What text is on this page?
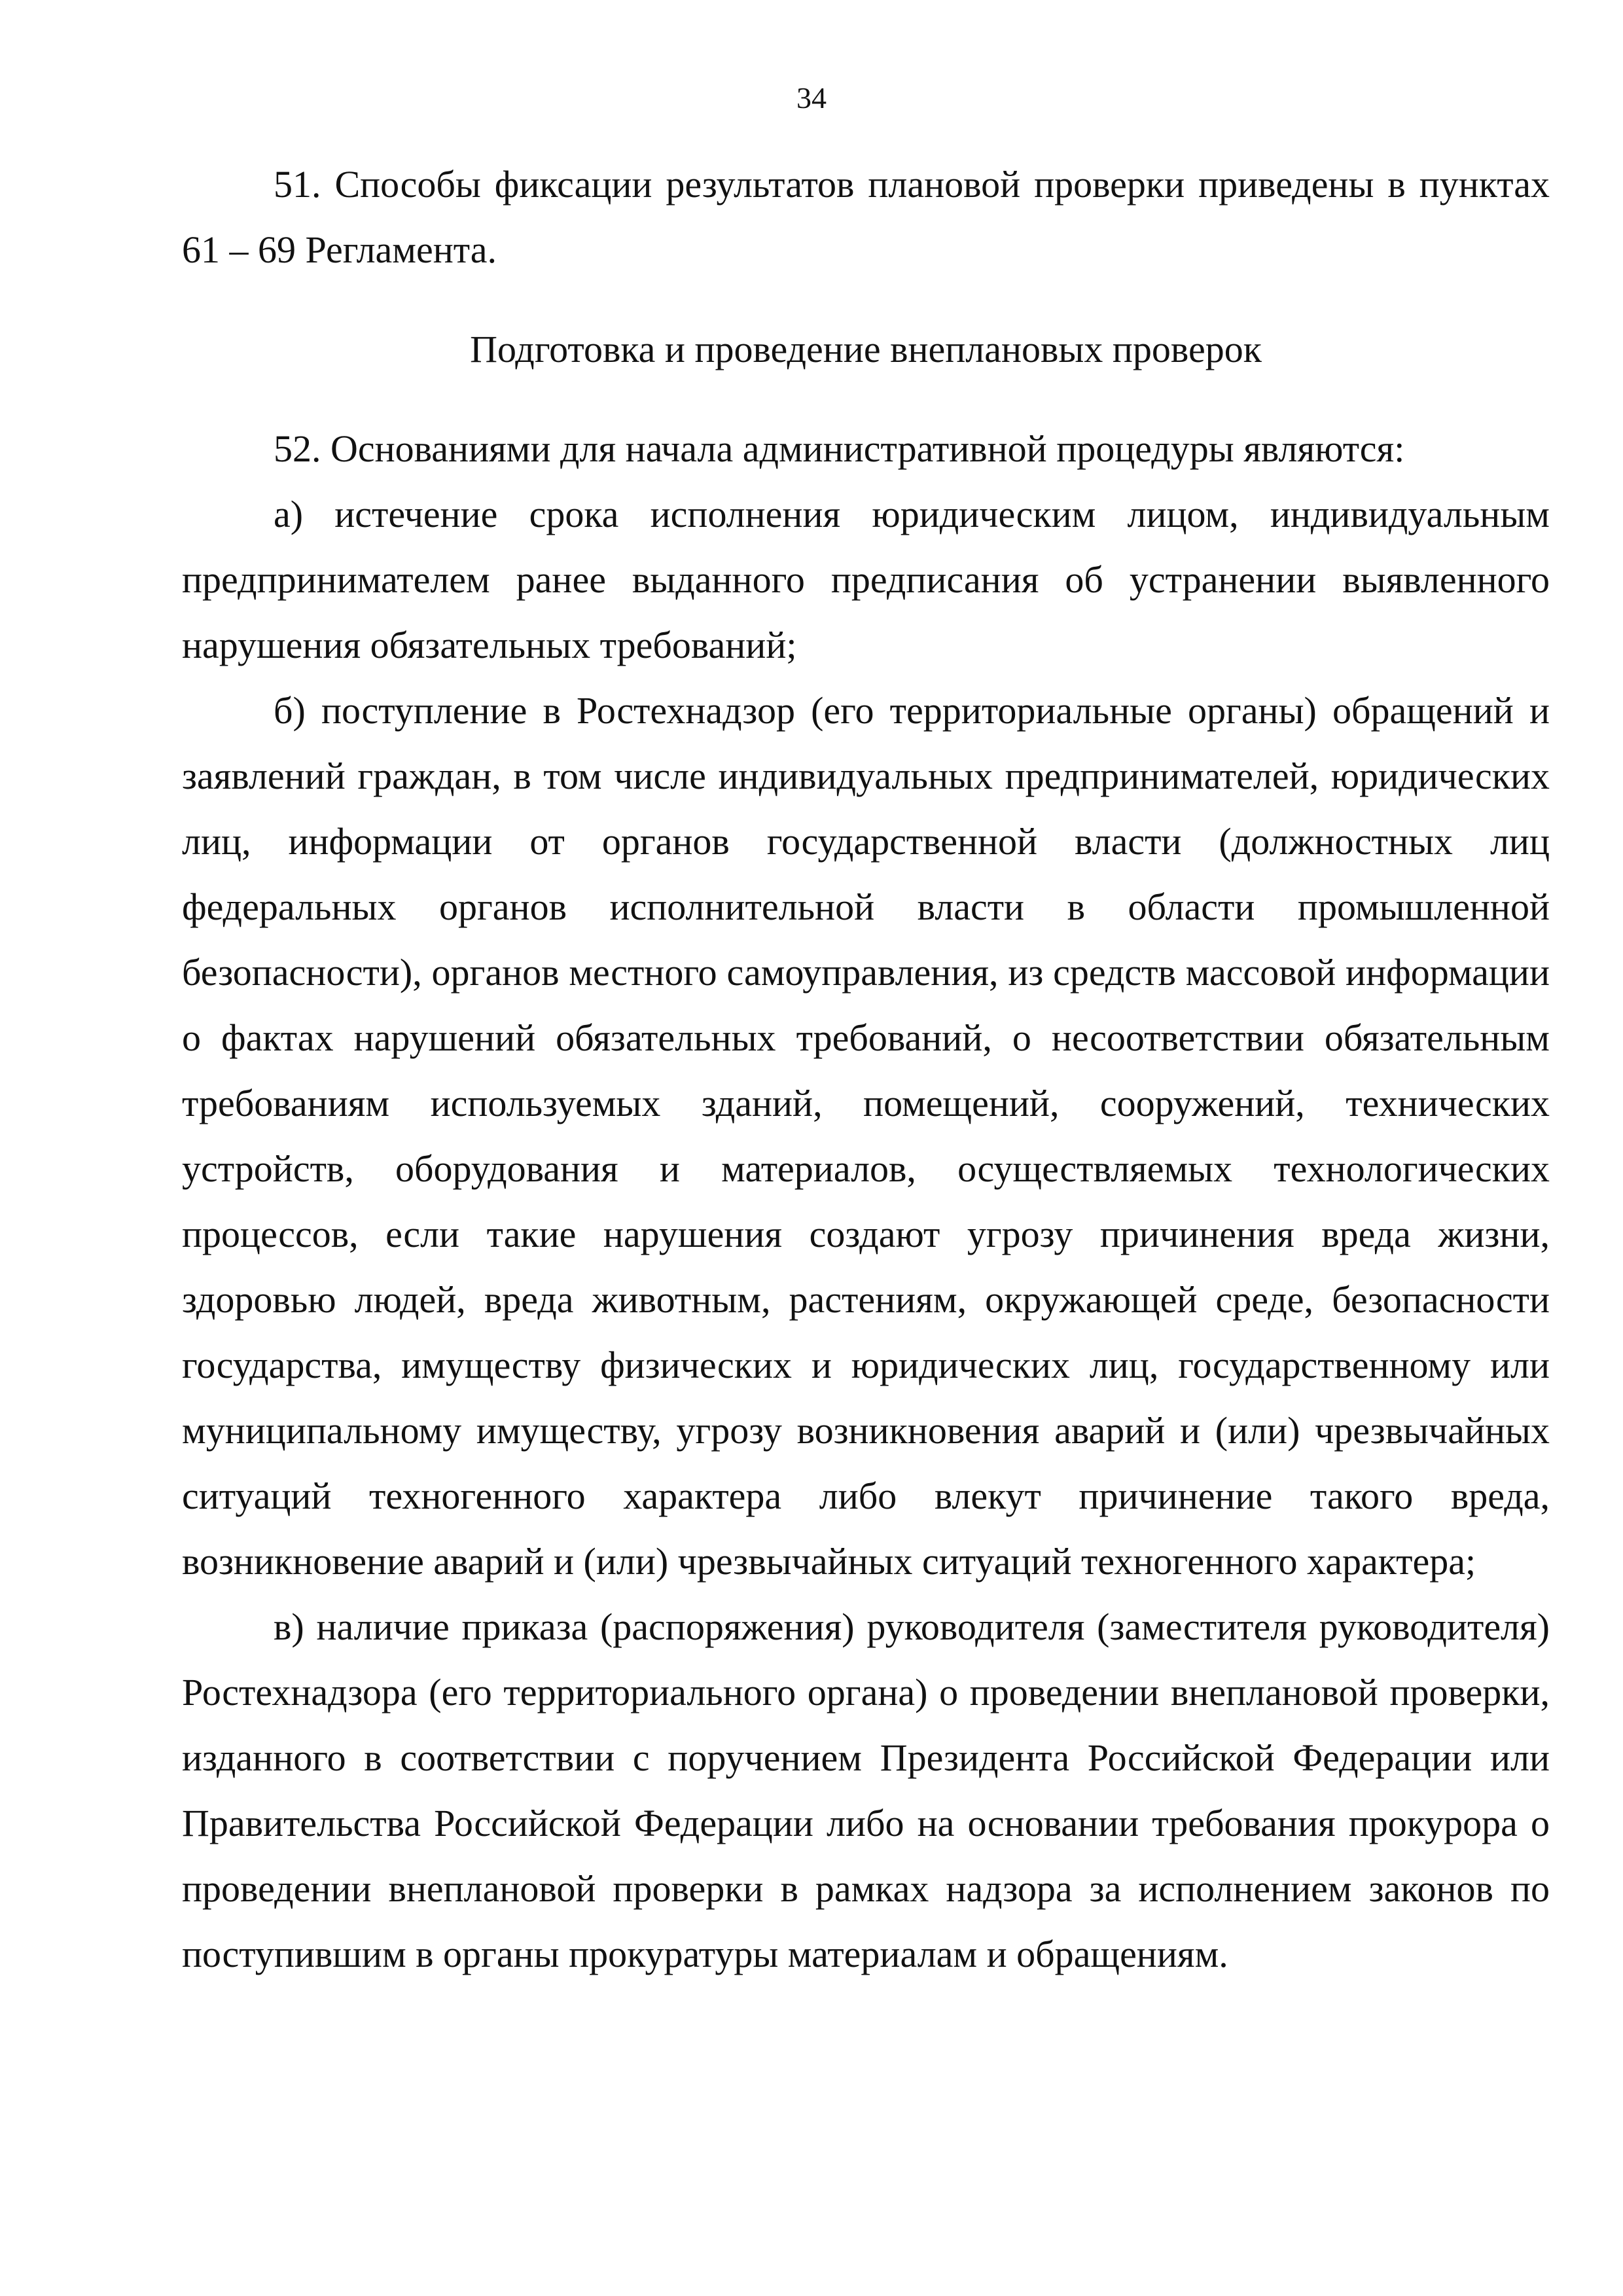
34

51. Способы фиксации результатов плановой проверки приведены в пунктах 61 – 69 Регламента.

Подготовка и проведение внеплановых проверок

52. Основаниями для начала административной процедуры являются:

а) истечение срока исполнения юридическим лицом, индивидуальным предпринимателем ранее выданного предписания об устранении выявленного нарушения обязательных требований;

б) поступление в Ростехнадзор (его территориальные органы) обращений и заявлений граждан, в том числе индивидуальных предпринимателей, юридических лиц, информации от органов государственной власти (должностных лиц федеральных органов исполнительной власти в области промышленной безопасности), органов местного самоуправления, из средств массовой информации о фактах нарушений обязательных требований, о несоответствии обязательным требованиям используемых зданий, помещений, сооружений, технических устройств, оборудования и материалов, осуществляемых технологических процессов, если такие нарушения создают угрозу причинения вреда жизни, здоровью людей, вреда животным, растениям, окружающей среде, безопасности государства, имуществу физических и юридических лиц, государственному или муниципальному имуществу, угрозу возникновения аварий и (или) чрезвычайных ситуаций техногенного характера либо влекут причинение такого вреда, возникновение аварий и (или) чрезвычайных ситуаций техногенного характера;

в) наличие приказа (распоряжения) руководителя (заместителя руководителя) Ростехнадзора (его территориального органа) о проведении внеплановой проверки, изданного в соответствии с поручением Президента Российской Федерации или Правительства Российской Федерации либо на основании требования прокурора о проведении внеплановой проверки в рамках надзора за исполнением законов по поступившим в органы прокуратуры материалам и обращениям.
